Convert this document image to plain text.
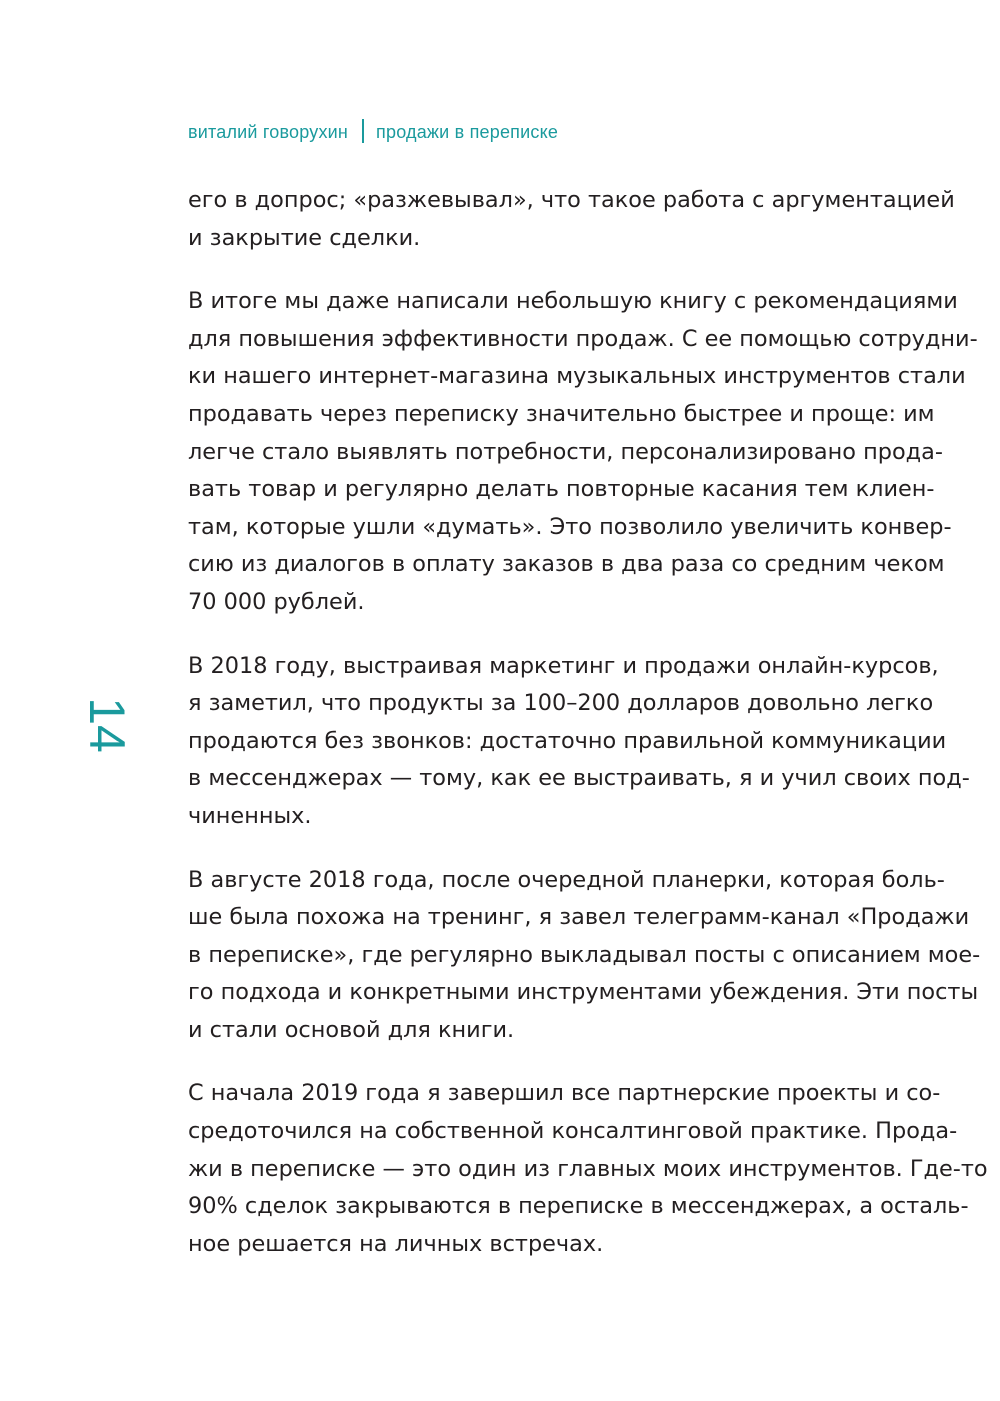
виталий говорухин продажи в переписке
14

его в допрос; «разжевывал», что такое работа с аргументацией
и закрытие сделки.

В итоге мы даже написали небольшую книгу с рекомендациями
для повышения эффективности продаж. С ее помощью сотрудни-
ки нашего интернет-магазина музыкальных инструментов стали
продавать через переписку значительно быстрее и проще: им
легче стало выявлять потребности, персонализировано прода-
вать товар и регулярно делать повторные касания тем клиен-
там, которые ушли «думать». Это позволило увеличить конвер-
сию из диалогов в оплату заказов в два раза со средним чеком
70 000 рублей.

В 2018 году, выстраивая маркетинг и продажи онлайн-курсов,
я заметил, что продукты за 100–200 долларов довольно легко
продаются без звонков: достаточно правильной коммуникации
в мессенджерах — тому, как ее выстраивать, я и учил своих под-
чиненных.

В августе 2018 года, после очередной планерки, которая боль-
ше была похожа на тренинг, я завел телеграмм-канал «Продажи
в переписке», где регулярно выкладывал посты с описанием мое-
го подхода и конкретными инструментами убеждения. Эти посты
и стали основой для книги.

С начала 2019 года я завершил все партнерские проекты и со-
средоточился на собственной консалтинговой практике. Прода-
жи в переписке — это один из главных моих инструментов. Где-то
90% сделок закрываются в переписке в мессенджерах, а осталь-
ное решается на личных встречах.
